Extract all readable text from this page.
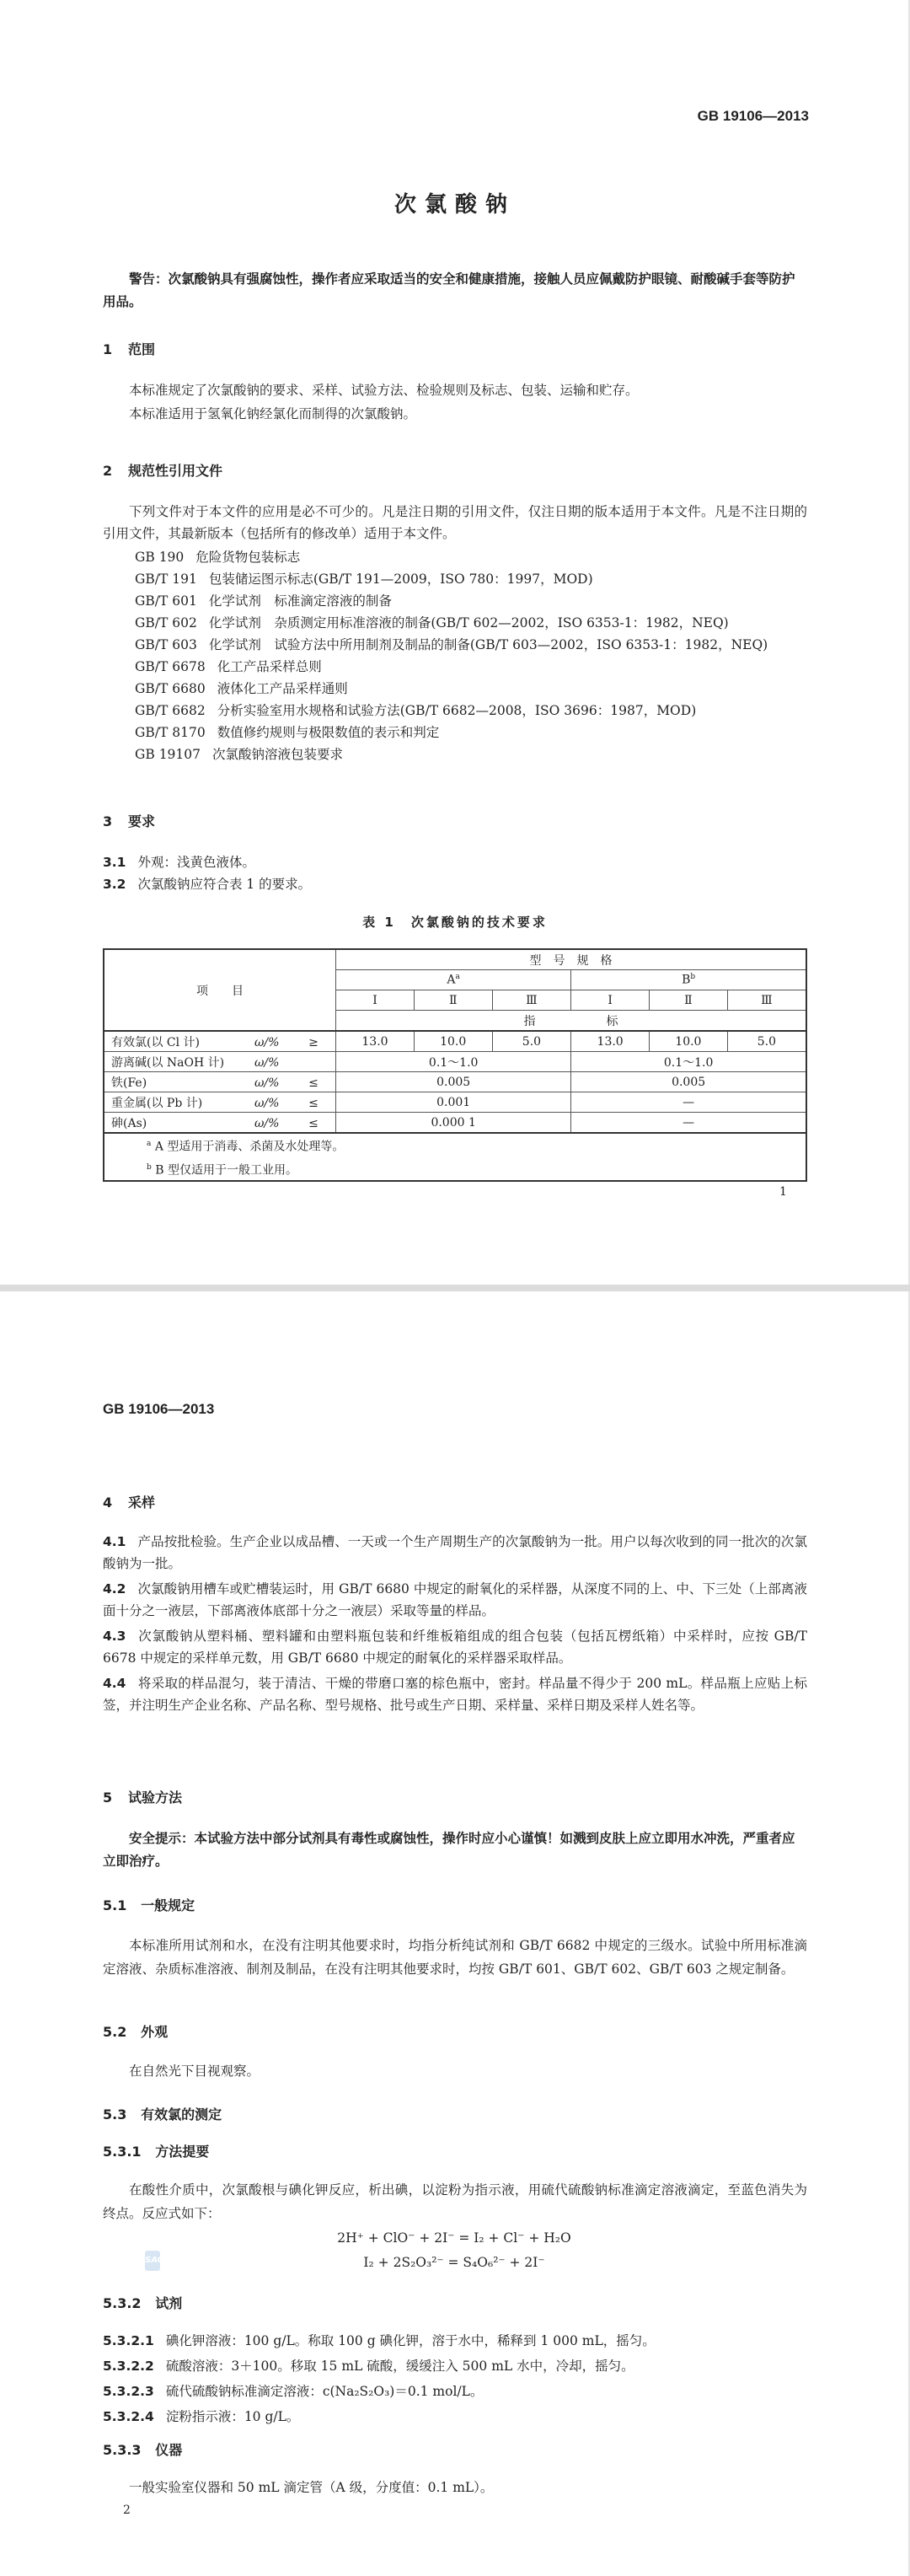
GB 19106—2013
次氯酸钠
警告：次氯酸钠具有强腐蚀性，操作者应采取适当的安全和健康措施，接触人员应佩戴防护眼镜、耐酸碱手套等防护用品。
1 范围
本标准规定了次氯酸钠的要求、采样、试验方法、检验规则及标志、包装、运输和贮存。
本标准适用于氢氧化钠经氯化而制得的次氯酸钠。
2 规范性引用文件
下列文件对于本文件的应用是必不可少的。凡是注日期的引用文件，仅注日期的版本适用于本文件。凡是不注日期的引用文件，其最新版本（包括所有的修改单）适用于本文件。
GB 190 危险货物包装标志
GB/T 191 包装储运图示标志(GB/T 191—2009，ISO 780：1997，MOD)
GB/T 601 化学试剂　标准滴定溶液的制备
GB/T 602 化学试剂　杂质测定用标准溶液的制备(GB/T 602—2002，ISO 6353-1：1982，NEQ)
GB/T 603 化学试剂　试验方法中所用制剂及制品的制备(GB/T 603—2002，ISO 6353-1：1982，NEQ)
GB/T 6678 化工产品采样总则
GB/T 6680 液体化工产品采样通则
GB/T 6682 分析实验室用水规格和试验方法(GB/T 6682—2008，ISO 3696：1987，MOD)
GB/T 8170 数值修约规则与极限数值的表示和判定
GB 19107 次氯酸钠溶液包装要求
3 要求
3.1 外观：浅黄色液体。
3.2 次氯酸钠应符合表 1 的要求。
表 1　次氯酸钠的技术要求
项　　目	型　号　规　格					
	A$^a$			B$^b$
	Ⅰ	Ⅱ	Ⅲ	Ⅰ	Ⅱ	Ⅲ
	指　　　　　　标					
有效氯(以 Cl 计) ω/% ≥	13.0	10.0	5.0	13.0	10.0	5.0
游离碱(以 NaOH 计) ω/%	0.1～1.0			0.1～1.0		
铁(Fe) ω/% ≤	0.005			0.005		
重金属(以 Pb 计) ω/% ≤	0.001			—		
砷(As) ω/% ≤	0.000 1			—		

$^a$ A 型适用于消毒、杀菌及水处理等。
$^b$ B 型仅适用于一般工业用。						
1
GB 19106—2013
4 采样
4.1 产品按批检验。生产企业以成品槽、一天或一个生产周期生产的次氯酸钠为一批。用户以每次收到的同一批次的次氯酸钠为一批。
4.2 次氯酸钠用槽车或贮槽装运时，用 GB/T 6680 中规定的耐氧化的采样器，从深度不同的上、中、下三处（上部离液面十分之一液层，下部离液体底部十分之一液层）采取等量的样品。
4.3 次氯酸钠从塑料桶、塑料罐和由塑料瓶包装和纤维板箱组成的组合包装（包括瓦楞纸箱）中采样时，应按 GB/T 6678 中规定的采样单元数，用 GB/T 6680 中规定的耐氧化的采样器采取样品。
4.4 将采取的样品混匀，装于清洁、干燥的带磨口塞的棕色瓶中，密封。样品量不得少于 200 mL。样品瓶上应贴上标签，并注明生产企业名称、产品名称、型号规格、批号或生产日期、采样量、采样日期及采样人姓名等。
5 试验方法
安全提示：本试验方法中部分试剂具有毒性或腐蚀性，操作时应小心谨慎！如溅到皮肤上应立即用水冲洗，严重者应立即治疗。
5.1 一般规定
本标准所用试剂和水，在没有注明其他要求时，均指分析纯试剂和 GB/T 6682 中规定的三级水。试验中所用标准滴定溶液、杂质标准溶液、制剂及制品，在没有注明其他要求时，均按 GB/T 601、GB/T 602、GB/T 603 之规定制备。
5.2 外观
在自然光下目视观察。
5.3 有效氯的测定
5.3.1 方法提要
在酸性介质中，次氯酸根与碘化钾反应，析出碘，以淀粉为指示液，用硫代硫酸钠标准滴定溶液滴定，至蓝色消失为终点。反应式如下：
2H⁺ + ClO⁻ + 2I⁻ = I₂ + Cl⁻ + H₂O
I₂ + 2S₂O₃²⁻ = S₄O₆²⁻ + 2I⁻
SAC
5.3.2 试剂
5.3.2.1 碘化钾溶液：100 g/L。称取 100 g 碘化钾，溶于水中，稀释到 1 000 mL，摇匀。
5.3.2.2 硫酸溶液：3＋100。移取 15 mL 硫酸，缓缓注入 500 mL 水中，冷却，摇匀。
5.3.2.3 硫代硫酸钠标准滴定溶液：c(Na₂S₂O₃)＝0.1 mol/L。
5.3.2.4 淀粉指示液：10 g/L。
5.3.3 仪器
一般实验室仪器和 50 mL 滴定管（A 级，分度值：0.1 mL）。
2
